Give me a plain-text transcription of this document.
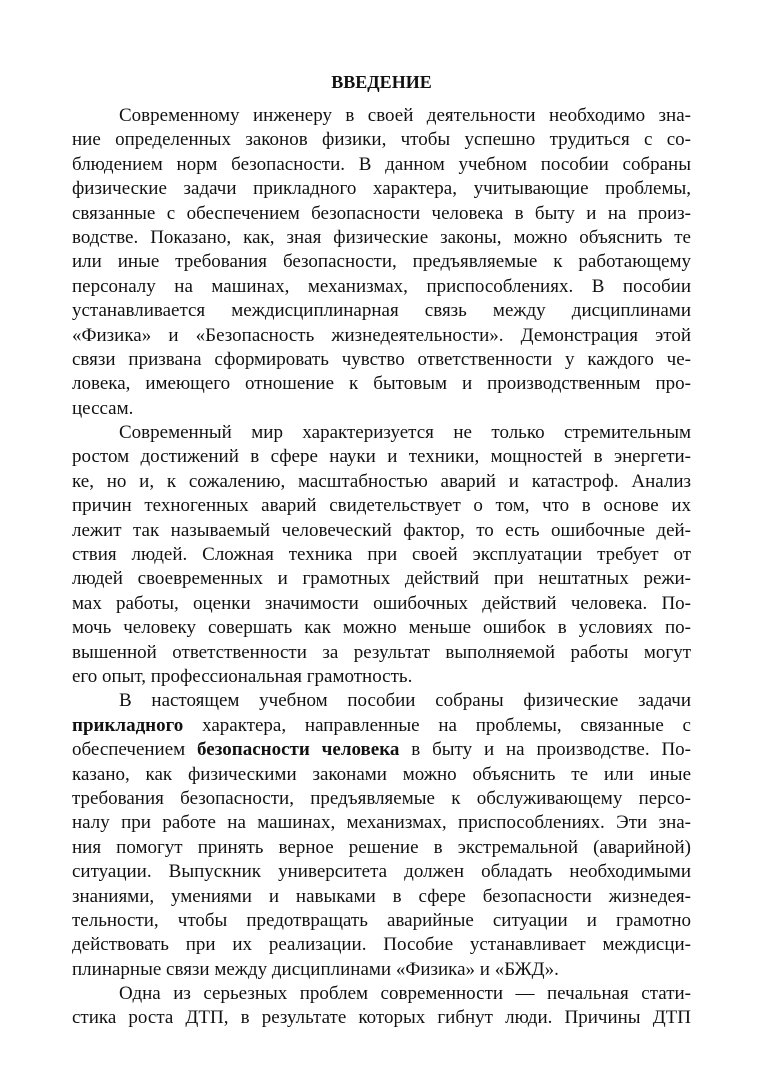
ВВЕДЕНИЕ
Современному инженеру в своей деятельности необходимо зна-
ние определенных законов физики, чтобы успешно трудиться с со-
блюдением норм безопасности. В данном учебном пособии собраны
физические задачи прикладного характера, учитывающие проблемы,
связанные с обеспечением безопасности человека в быту и на произ-
водстве. Показано, как, зная физические законы, можно объяснить те
или иные требования безопасности, предъявляемые к работающему
персоналу на машинах, механизмах, приспособлениях. В пособии
устанавливается междисциплинарная связь между дисциплинами
«Физика» и «Безопасность жизнедеятельности». Демонстрация этой
связи призвана сформировать чувство ответственности у каждого че-
ловека, имеющего отношение к бытовым и производственным про-
цессам.
Современный мир характеризуется не только стремительным
ростом достижений в сфере науки и техники, мощностей в энергети-
ке, но и, к сожалению, масштабностью аварий и катастроф. Анализ
причин техногенных аварий свидетельствует о том, что в основе их
лежит так называемый человеческий фактор, то есть ошибочные дей-
ствия людей. Сложная техника при своей эксплуатации требует от
людей своевременных и грамотных действий при нештатных режи-
мах работы, оценки значимости ошибочных действий человека. По-
мочь человеку совершать как можно меньше ошибок в условиях по-
вышенной ответственности за результат выполняемой работы могут
его опыт, профессиональная грамотность.
В настоящем учебном пособии собраны физические задачи
прикладного характера, направленные на проблемы, связанные с
обеспечением безопасности человека в быту и на производстве. По-
казано, как физическими законами можно объяснить те или иные
требования безопасности, предъявляемые к обслуживающему персо-
налу при работе на машинах, механизмах, приспособлениях. Эти зна-
ния помогут принять верное решение в экстремальной (аварийной)
ситуации. Выпускник университета должен обладать необходимыми
знаниями, умениями и навыками в сфере безопасности жизнедея-
тельности, чтобы предотвращать аварийные ситуации и грамотно
действовать при их реализации. Пособие устанавливает междисци-
плинарные связи между дисциплинами «Физика» и «БЖД».
Одна из серьезных проблем современности — печальная стати-
стика роста ДТП, в результате которых гибнут люди. Причины ДТП
